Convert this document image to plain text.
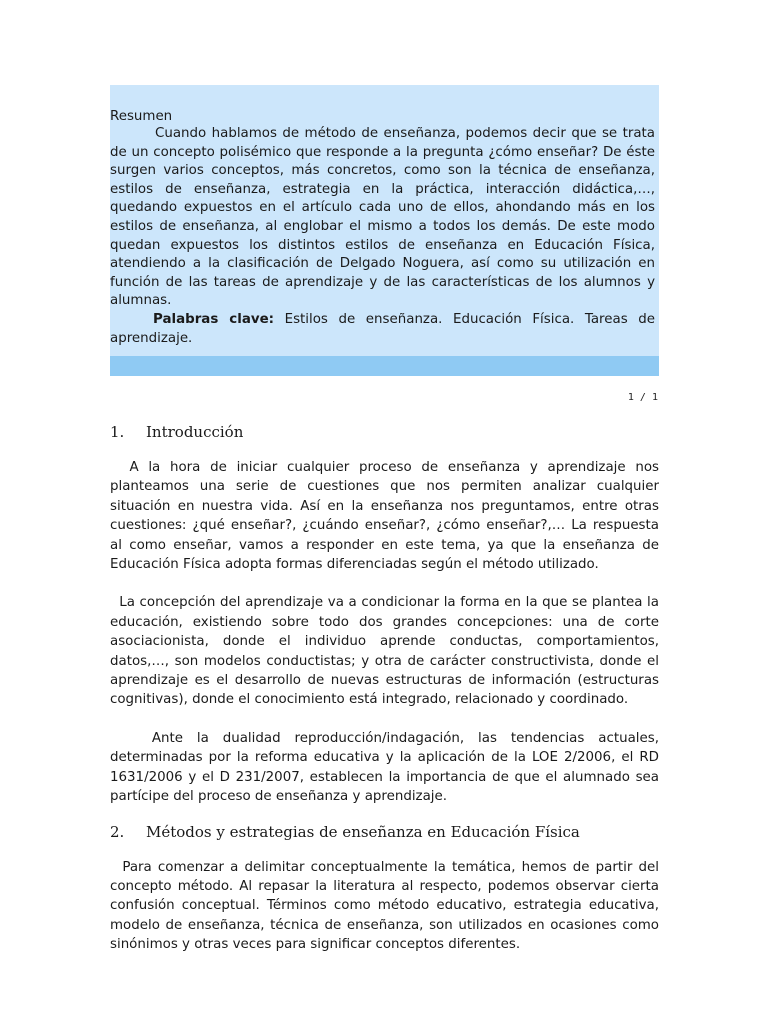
Resumen

Cuando hablamos de método de enseñanza, podemos decir que se trata de un concepto polisémico que responde a la pregunta ¿cómo enseñar? De éste surgen varios conceptos, más concretos, como son la técnica de enseñanza, estilos de enseñanza, estrategia en la práctica, interacción didáctica,…, quedando expuestos en el artículo cada uno de ellos, ahondando más en los estilos de enseñanza, al englobar el mismo a todos los demás. De este modo quedan expuestos los distintos estilos de enseñanza en Educación Física, atendiendo a la clasificación de Delgado Noguera, así como su utilización en función de las tareas de aprendizaje y de las características de los alumnos y alumnas.

Palabras clave: Estilos de enseñanza. Educación Física. Tareas de aprendizaje.

1 / 1
1.	Introducción

A la hora de iniciar cualquier proceso de enseñanza y aprendizaje nos planteamos una serie de cuestiones que nos permiten analizar cualquier situación en nuestra vida. Así en la enseñanza nos preguntamos, entre otras cuestiones: ¿qué enseñar?, ¿cuándo enseñar?, ¿cómo enseñar?,… La respuesta al como enseñar, vamos a responder en este tema, ya que la enseñanza de Educación Física adopta formas diferenciadas según el método utilizado.

La concepción del aprendizaje va a condicionar la forma en la que se plantea la educación, existiendo sobre todo dos grandes concepciones: una de corte asociacionista, donde el individuo aprende conductas, comportamientos, datos,…, son modelos conductistas; y otra de carácter constructivista, donde el aprendizaje es el desarrollo de nuevas estructuras de información (estructuras cognitivas), donde el conocimiento está integrado, relacionado y coordinado.

Ante la dualidad reproducción/indagación, las tendencias actuales, determinadas por la reforma educativa y la aplicación de la LOE 2/2006, el RD 1631/2006 y el D 231/2007, establecen la importancia de que el alumnado sea partícipe del proceso de enseñanza y aprendizaje.

2.	Métodos y estrategias de enseñanza en Educación Física

Para comenzar a delimitar conceptualmente la temática, hemos de partir del concepto método. Al repasar la literatura al respecto, podemos observar cierta confusión conceptual. Términos como método educativo, estrategia educativa, modelo de enseñanza, técnica de enseñanza, son utilizados en ocasiones como sinónimos y otras veces para significar conceptos diferentes.
